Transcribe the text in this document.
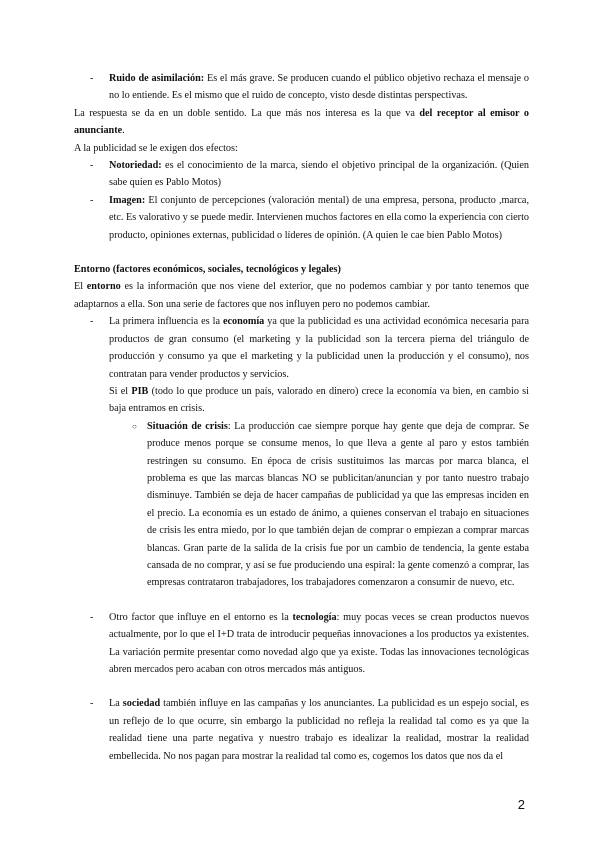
- Ruido de asimilación: Es el más grave. Se producen cuando el público objetivo rechaza el mensaje o no lo entiende. Es el mismo que el ruido de concepto, visto desde distintas perspectivas.

La respuesta se da en un doble sentido. La que más nos interesa es la que va del receptor al emisor o anunciante.

A la publicidad se le exigen dos efectos:

- Notoriedad: es el conocimiento de la marca, siendo el objetivo principal de la organización. (Quien sabe quien es Pablo Motos)

- Imagen: El conjunto de percepciones (valoración mental) de una empresa, persona, producto ,marca, etc. Es valorativo y se puede medir. Intervienen muchos factores en ella como la experiencia con cierto producto, opiniones externas, publicidad o líderes de opinión. (A quien le cae bien Pablo Motos)

Entorno (factores económicos, sociales, tecnológicos y legales)

El entorno es la información que nos viene del exterior, que no podemos cambiar y por tanto tenemos que adaptarnos a ella. Son una serie de factores que nos influyen pero no podemos cambiar.

- La primera influencia es la economía ya que la publicidad es una actividad económica necesaria para productos de gran consumo (el marketing y la publicidad son la tercera pierna del triángulo de producción y consumo ya que el marketing y la publicidad unen la producción y el consumo), nos contratan para vender productos y servicios.

Si el PIB (todo lo que produce un país, valorado en dinero) crece la economía va bien, en cambio si baja entramos en crisis.

○ Situación de crisis: La producción cae siempre porque hay gente que deja de comprar. Se produce menos porque se consume menos, lo que lleva a gente al paro y estos también restringen su consumo. En época de crisis sustituimos las marcas por marca blanca, el problema es que las marcas blancas NO se publicitan/anuncian y por tanto nuestro trabajo disminuye. También se deja de hacer campañas de publicidad ya que las empresas inciden en el precio. La economía es un estado de ánimo, a quienes conservan el trabajo en situaciones de crisis les entra miedo, por lo que también dejan de comprar o empiezan a comprar marcas blancas. Gran parte de la salida de la crisis fue por un cambio de tendencia, la gente estaba cansada de no comprar, y así se fue produciendo una espiral: la gente comenzó a comprar, las empresas contrataron trabajadores, los trabajadores comenzaron a consumir de nuevo, etc.

- Otro factor que influye en el entorno es la tecnología: muy pocas veces se crean productos nuevos actualmente, por lo que el I+D trata de introducir pequeñas innovaciones a los productos ya existentes. La variación permite presentar como novedad algo que ya existe. Todas las innovaciones tecnológicas abren mercados pero acaban con otros mercados más antiguos.

- La sociedad también influye en las campañas y los anunciantes. La publicidad es un espejo social, es un reflejo de lo que ocurre, sin embargo la publicidad no refleja la realidad tal como es ya que la realidad tiene una parte negativa y nuestro trabajo es idealizar la realidad, mostrar la realidad embellecida. No nos pagan para mostrar la realidad tal como es, cogemos los datos que nos da el

2
